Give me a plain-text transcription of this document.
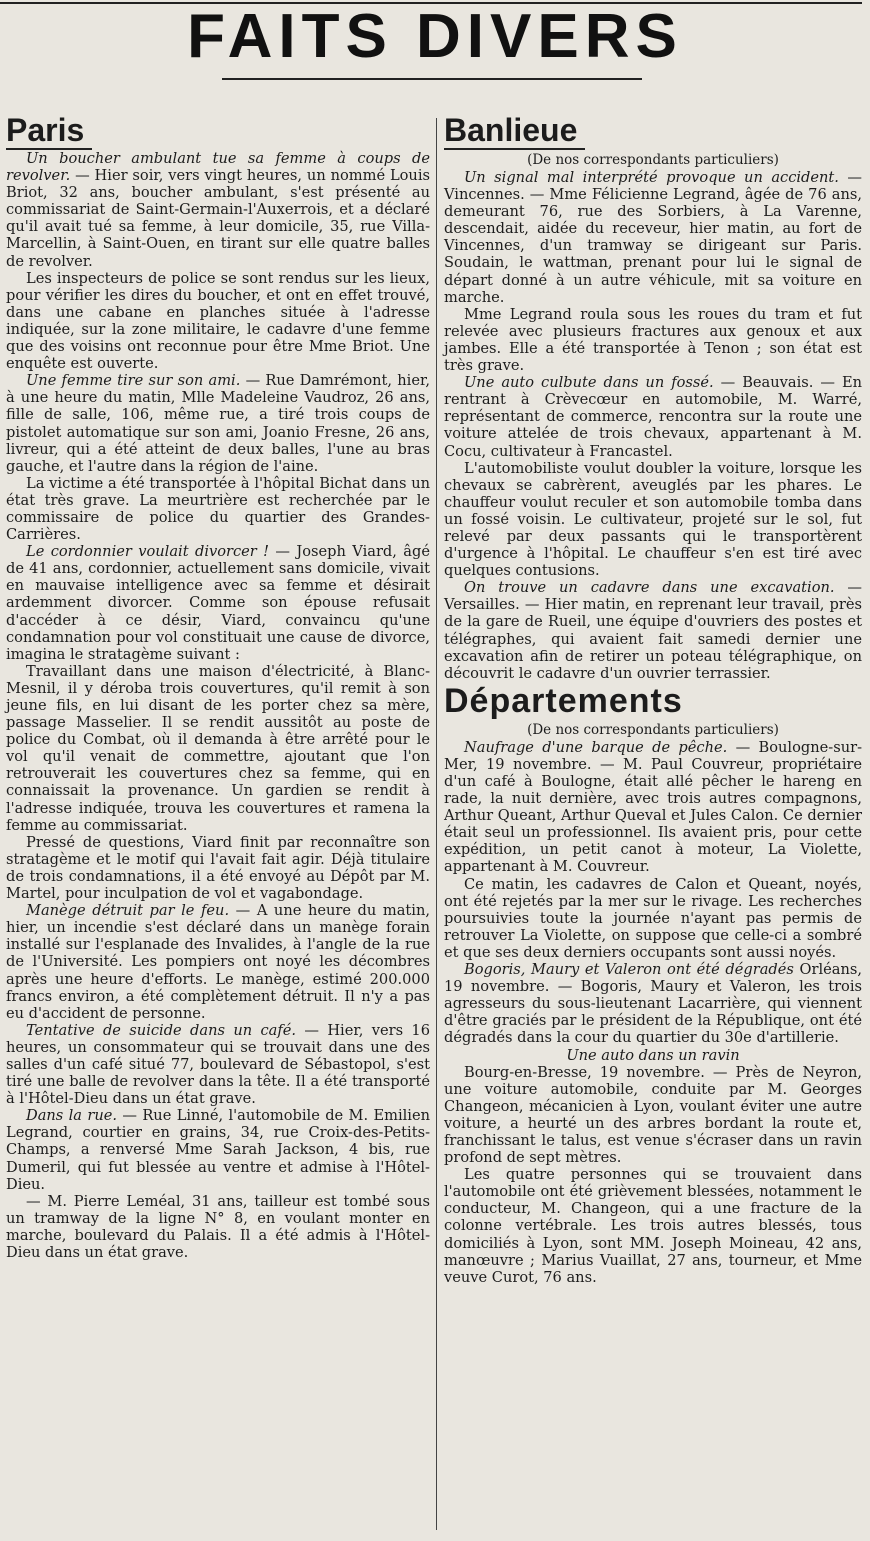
FAITS DIVERS
Paris

Un boucher ambulant tue sa femme à coups de revolver. — Hier soir, vers vingt heures, un nommé Louis Briot, 32 ans, boucher ambulant, s'est présenté au commissariat de Saint-Germain-l'Auxerrois, et a déclaré qu'il avait tué sa femme, à leur domicile, 35, rue Villa-Marcellin, à Saint-Ouen, en tirant sur elle quatre balles de revolver.

Les inspecteurs de police se sont rendus sur les lieux, pour vérifier les dires du boucher, et ont en effet trouvé, dans une cabane en planches située à l'adresse indiquée, sur la zone militaire, le cadavre d'une femme que des voisins ont reconnue pour être Mme Briot. Une enquête est ouverte.

Une femme tire sur son ami. — Rue Damrémont, hier, à une heure du matin, Mlle Madeleine Vaudroz, 26 ans, fille de salle, 106, même rue, a tiré trois coups de pistolet automatique sur son ami, Joanio Fresne, 26 ans, livreur, qui a été atteint de deux balles, l'une au bras gauche, et l'autre dans la région de l'aine.

La victime a été transportée à l'hôpital Bichat dans un état très grave. La meurtrière est recherchée par le commissaire de police du quartier des Grandes-Carrières.

Le cordonnier voulait divorcer ! — Joseph Viard, âgé de 41 ans, cordonnier, actuellement sans domicile, vivait en mauvaise intelligence avec sa femme et désirait ardemment divorcer. Comme son épouse refusait d'accéder à ce désir, Viard, convaincu qu'une condamnation pour vol constituait une cause de divorce, imagina le stratagème suivant :

Travaillant dans une maison d'électricité, à Blanc-Mesnil, il y déroba trois couvertures, qu'il remit à son jeune fils, en lui disant de les porter chez sa mère, passage Masselier. Il se rendit aussitôt au poste de police du Combat, où il demanda à être arrêté pour le vol qu'il venait de commettre, ajoutant que l'on retrouverait les couvertures chez sa femme, qui en connaissait la provenance. Un gardien se rendit à l'adresse indiquée, trouva les couvertures et ramena la femme au commissariat.

Pressé de questions, Viard finit par reconnaître son stratagème et le motif qui l'avait fait agir. Déjà titulaire de trois condamnations, il a été envoyé au Dépôt par M. Martel, pour inculpation de vol et vagabondage.

Manège détruit par le feu. — A une heure du matin, hier, un incendie s'est déclaré dans un manège forain installé sur l'esplanade des Invalides, à l'angle de la rue de l'Université. Les pompiers ont noyé les décombres après une heure d'efforts. Le manège, estimé 200.000 francs environ, a été complètement détruit. Il n'y a pas eu d'accident de personne.

Tentative de suicide dans un café. — Hier, vers 16 heures, un consommateur qui se trouvait dans une des salles d'un café situé 77, boulevard de Sébastopol, s'est tiré une balle de revolver dans la tête. Il a été transporté à l'Hôtel-Dieu dans un état grave.

Dans la rue. — Rue Linné, l'automobile de M. Emilien Legrand, courtier en grains, 34, rue Croix-des-Petits-Champs, a renversé Mme Sarah Jackson, 4 bis, rue Dumeril, qui fut blessée au ventre et admise à l'Hôtel-Dieu.

— M. Pierre Leméal, 31 ans, tailleur est tombé sous un tramway de la ligne N° 8, en voulant monter en marche, boulevard du Palais. Il a été admis à l'Hôtel-Dieu dans un état grave.

Banlieue
(De nos correspondants particuliers)

Un signal mal interprété provoque un accident. — Vincennes. — Mme Félicienne Legrand, âgée de 76 ans, demeurant 76, rue des Sorbiers, à La Varenne, descendait, aidée du receveur, hier matin, au fort de Vincennes, d'un tramway se dirigeant sur Paris. Soudain, le wattman, prenant pour lui le signal de départ donné à un autre véhicule, mit sa voiture en marche.

Mme Legrand roula sous les roues du tram et fut relevée avec plusieurs fractures aux genoux et aux jambes. Elle a été transportée à Tenon ; son état est très grave.

Une auto culbute dans un fossé. — Beauvais. — En rentrant à Crèvecœur en automobile, M. Warré, représentant de commerce, rencontra sur la route une voiture attelée de trois chevaux, appartenant à M. Cocu, cultivateur à Francastel.

L'automobiliste voulut doubler la voiture, lorsque les chevaux se cabrèrent, aveuglés par les phares. Le chauffeur voulut reculer et son automobile tomba dans un fossé voisin. Le cultivateur, projeté sur le sol, fut relevé par deux passants qui le transportèrent d'urgence à l'hôpital. Le chauffeur s'en est tiré avec quelques contusions.

On trouve un cadavre dans une excavation. — Versailles. — Hier matin, en reprenant leur travail, près de la gare de Rueil, une équipe d'ouvriers des postes et télégraphes, qui avaient fait samedi dernier une excavation afin de retirer un poteau télégraphique, on découvrit le cadavre d'un ouvrier terrassier.

Départements
(De nos correspondants particuliers)

Naufrage d'une barque de pêche. — Boulogne-sur-Mer, 19 novembre. — M. Paul Couvreur, propriétaire d'un café à Boulogne, était allé pêcher le hareng en rade, la nuit dernière, avec trois autres compagnons, Arthur Queant, Arthur Queval et Jules Calon. Ce dernier était seul un professionnel. Ils avaient pris, pour cette expédition, un petit canot à moteur, La Violette, appartenant à M. Couvreur.

Ce matin, les cadavres de Calon et Queant, noyés, ont été rejetés par la mer sur le rivage. Les recherches poursuivies toute la journée n'ayant pas permis de retrouver La Violette, on suppose que celle-ci a sombré et que ses deux derniers occupants sont aussi noyés.

Bogoris, Maury et Valeron ont été dégradés Orléans, 19 novembre. — Bogoris, Maury et Valeron, les trois agresseurs du sous-lieutenant Lacarrière, qui viennent d'être graciés par le président de la République, ont été dégradés dans la cour du quartier du 30e d'artillerie.

Une auto dans un ravin

Bourg-en-Bresse, 19 novembre. — Près de Neyron, une voiture automobile, conduite par M. Georges Changeon, mécanicien à Lyon, voulant éviter une autre voiture, a heurté un des arbres bordant la route et, franchissant le talus, est venue s'écraser dans un ravin profond de sept mètres.

Les quatre personnes qui se trouvaient dans l'automobile ont été grièvement blessées, notamment le conducteur, M. Changeon, qui a une fracture de la colonne vertébrale. Les trois autres blessés, tous domiciliés à Lyon, sont MM. Joseph Moineau, 42 ans, manœuvre ; Marius Vuaillat, 27 ans, tourneur, et Mme veuve Curot, 76 ans.
